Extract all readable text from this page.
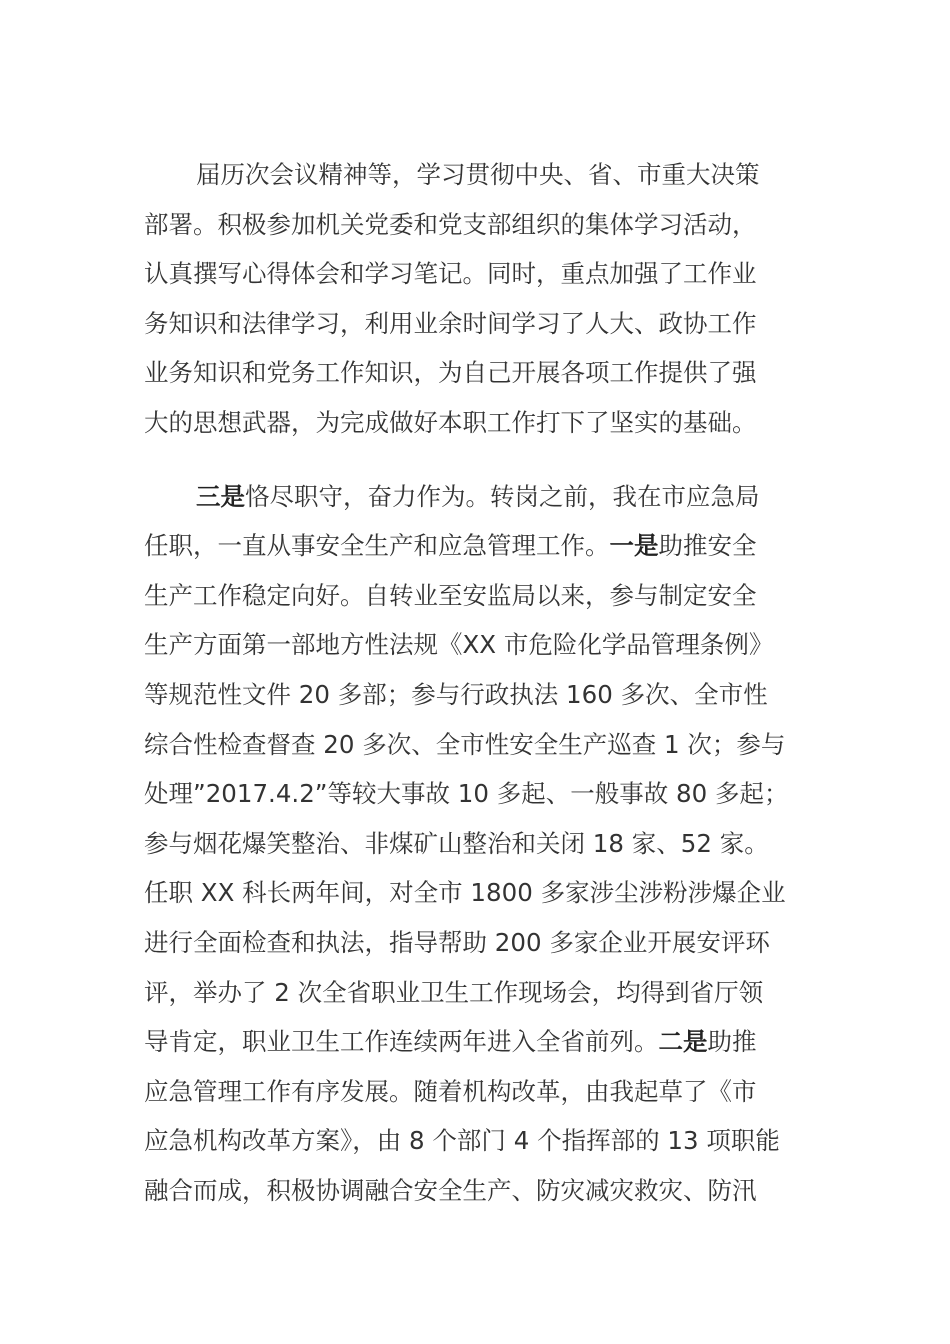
届历次会议精神等，学习贯彻中央、省、市重大决策
部署。积极参加机关党委和党支部组织的集体学习活动，
认真撰写心得体会和学习笔记。同时，重点加强了工作业
务知识和法律学习，利用业余时间学习了人大、政协工作
业务知识和党务工作知识，为自己开展各项工作提供了强
大的思想武器，为完成做好本职工作打下了坚实的基础。

三是恪尽职守，奋力作为。转岗之前，我在市应急局
任职，一直从事安全生产和应急管理工作。一是助推安全
生产工作稳定向好。自转业至安监局以来，参与制定安全
生产方面第一部地方性法规《XX 市危险化学品管理条例》
等规范性文件 20 多部；参与行政执法 160 多次、全市性
综合性检查督查 20 多次、全市性安全生产巡查 1 次；参与
处理”2017.4.2”等较大事故 10 多起、一般事故 80 多起；
参与烟花爆笑整治、非煤矿山整治和关闭 18 家、52 家。
任职 XX 科长两年间，对全市 1800 多家涉尘涉粉涉爆企业
进行全面检查和执法，指导帮助 200 多家企业开展安评环
评，举办了 2 次全省职业卫生工作现场会，均得到省厅领
导肯定，职业卫生工作连续两年进入全省前列。二是助推
应急管理工作有序发展。随着机构改革，由我起草了《市
应急机构改革方案》，由 8 个部门 4 个指挥部的 13 项职能
融合而成，积极协调融合安全生产、防灾减灾救灾、防汛
